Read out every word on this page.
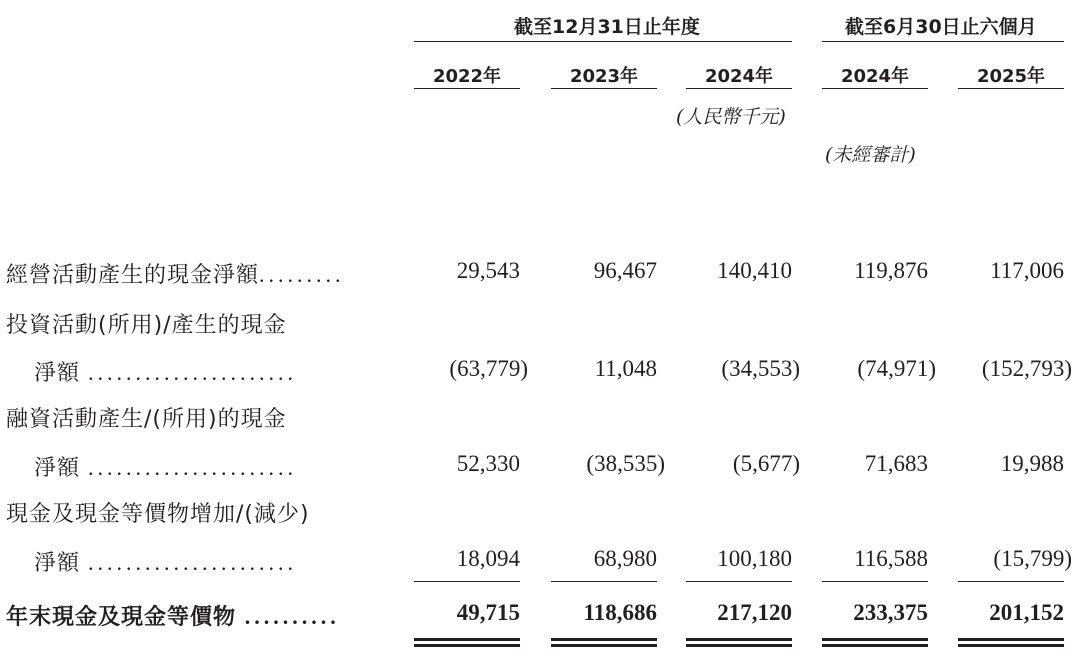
截至12月31日止年度	截至6月30日止六個月
2022年	2023年	2024年	2024年	2025年
(人民幣千元)
(未經審計)
經營活動產生的現金淨額.........	29,543	96,467	140,410	119,876	117,006
投資活動(所用)/產生的現金
淨額 ......................	(63,779)	11,048	(34,553)	(74,971)	(152,793)
融資活動產生/(所用)的現金
淨額 ......................	52,330	(38,535)	(5,677)	71,683	19,988
現金及現金等價物增加/(減少)
淨額 ......................	18,094	68,980	100,180	116,588	(15,799)
年末現金及現金等價物 ..........	49,715	118,686	217,120	233,375	201,152
